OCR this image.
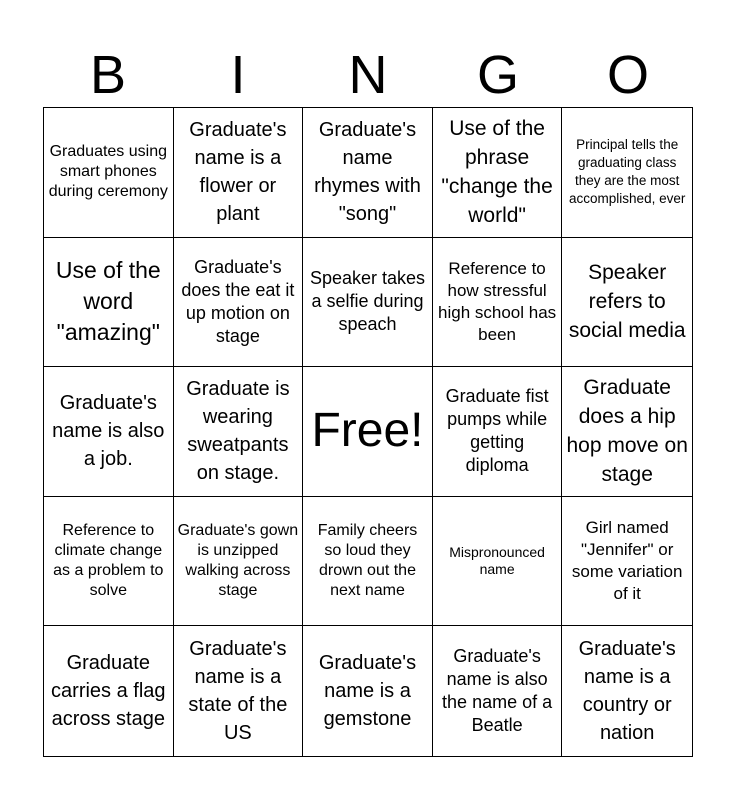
B	I	N	G	O
Graduates using smart phones during ceremony
Graduate's name is a flower or plant
Graduate's name rhymes with "song"
Use of the phrase "change the world"
Principal tells the graduating class they are the most accomplished, ever
Use of the word "amazing"
Graduate's does the eat it up motion on stage
Speaker takes a selfie during speach
Reference to how stressful high school has been
Speaker refers to social media
Graduate's name is also a job.
Graduate is wearing sweatpants on stage.
Free!
Graduate fist pumps while getting diploma
Graduate does a hip hop move on stage
Reference to climate change as a problem to solve
Graduate's gown is unzipped walking across stage
Family cheers so loud they drown out the next name
Mispronounced name
Girl named "Jennifer" or some variation of it
Graduate carries a flag across stage
Graduate's name is a state of the US
Graduate's name is a gemstone
Graduate's name is also the name of a Beatle
Graduate's name is a country or nation
